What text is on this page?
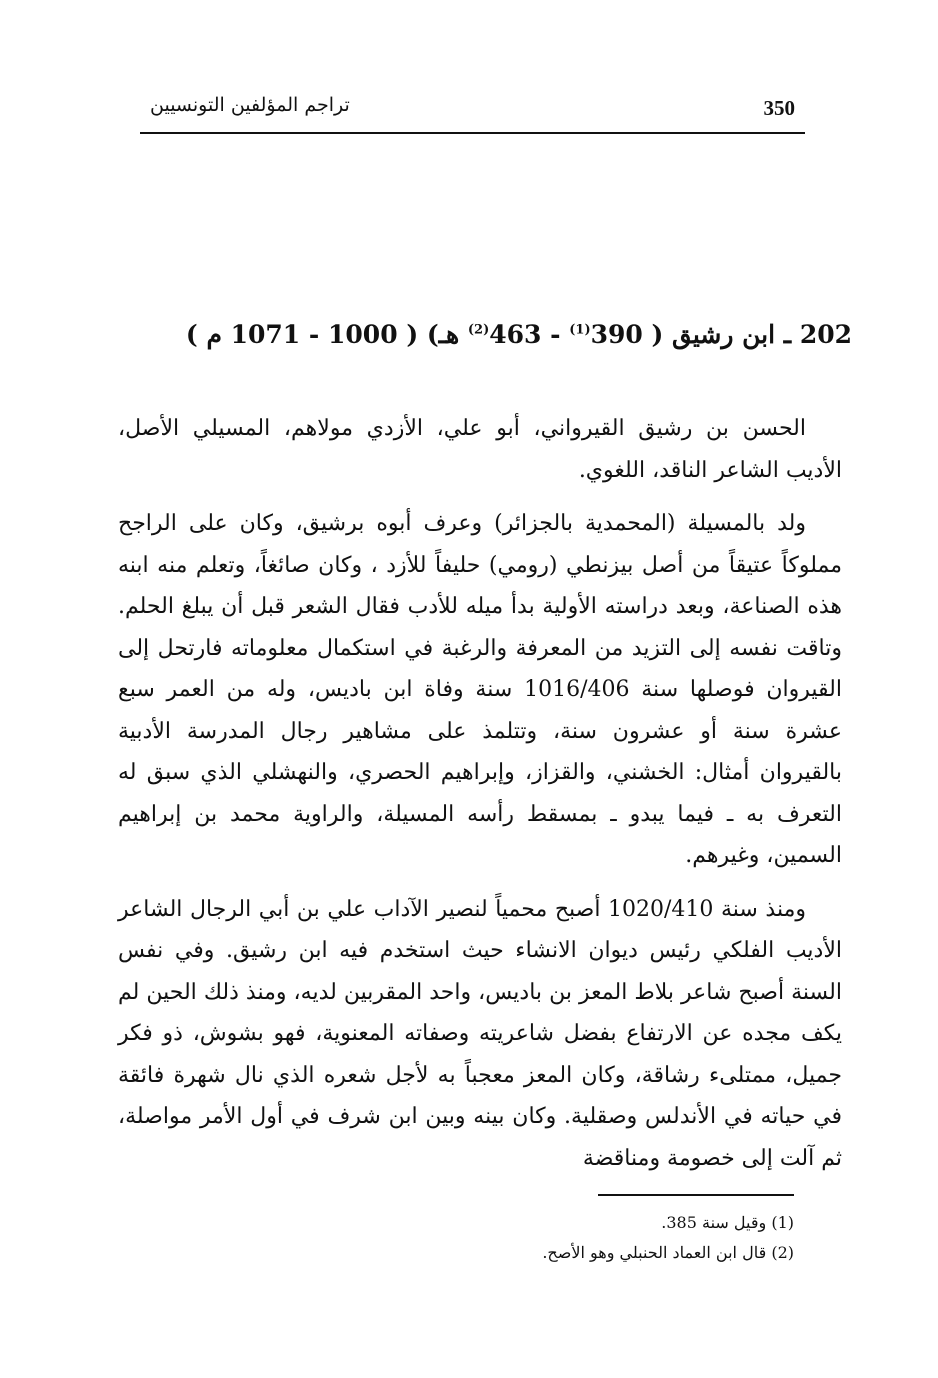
350
تراجم المؤلفين التونسيين
202 ـ ابن رشيق ( 390$^{(1)}$ - 463$^{(2)}$ هـ) ( 1000 - 1071 م )

الحسن بن رشيق القيرواني، أبو علي، الأزدي مولاهم، المسيلي الأصل، الأديب الشاعر الناقد، اللغوي.

ولد بالمسيلة (المحمدية بالجزائر) وعرف أبوه برشيق، وكان على الراجح مملوكاً عتيقاً من أصل بيزنطي (رومي) حليفاً للأزد ، وكان صائغاً، وتعلم منه ابنه هذه الصناعة، وبعد دراسته الأولية بدأ ميله للأدب فقال الشعر قبل أن يبلغ الحلم. وتاقت نفسه إلى التزيد من المعرفة والرغبة في استكمال معلوماته فارتحل إلى القيروان فوصلها سنة 1016/406 سنة وفاة ابن باديس، وله من العمر سبع عشرة سنة أو عشرون سنة، وتتلمذ على مشاهير رجال المدرسة الأدبية بالقيروان أمثال: الخشني، والقزاز، وإبراهيم الحصري، والنهشلي الذي سبق له التعرف به ـ فيما يبدو ـ بمسقط رأسه المسيلة، والراوية محمد بن إبراهيم السمين، وغيرهم.

ومنذ سنة 1020/410 أصبح محمياً لنصير الآداب علي بن أبي الرجال الشاعر الأديب الفلكي رئيس ديوان الانشاء حيث استخدم فيه ابن رشيق. وفي نفس السنة أصبح شاعر بلاط المعز بن باديس، واحد المقربين لديه، ومنذ ذلك الحين لم يكف مجده عن الارتفاع بفضل شاعريته وصفاته المعنوية، فهو بشوش، ذو فكر جميل، ممتلىء رشاقة، وكان المعز معجباً به لأجل شعره الذي نال شهرة فائقة في حياته في الأندلس وصقلية. وكان بينه وبين ابن شرف في أول الأمر مواصلة، ثم آلت إلى خصومة ومناقضة

(1) وقيل سنة 385.
(2) قال ابن العماد الحنبلي وهو الأصح.
